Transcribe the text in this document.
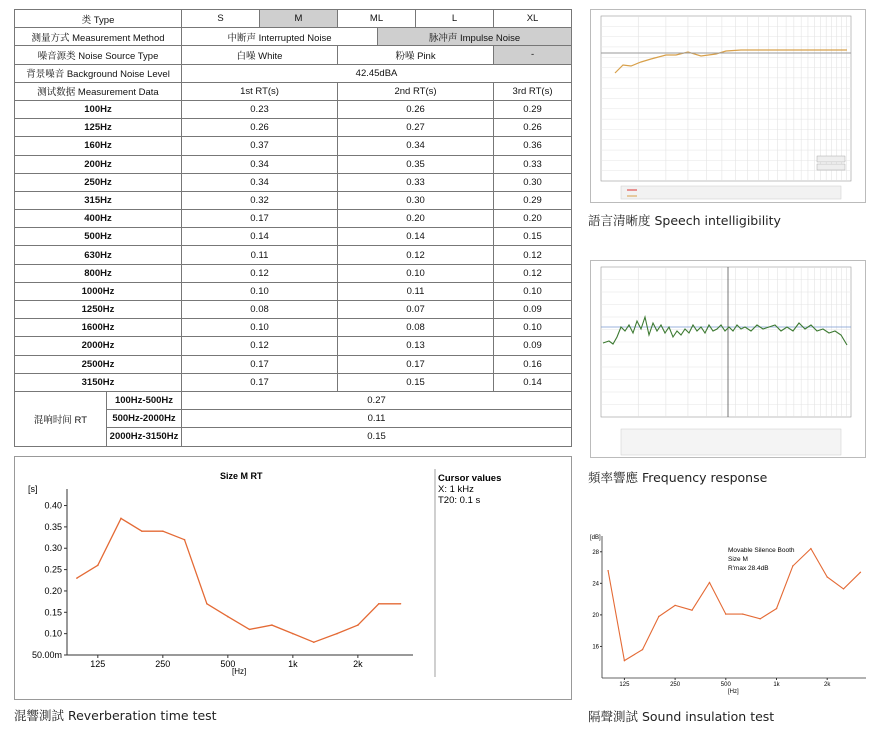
类 Type		S	M	ML		L	XL
测量方式 Measurement Method		中断声 Interrupted Noise			脉冲声 Impulse Noise		
噪音源类 Noise Source Type		白噪 White		粉噪 Pink			-
背景噪音 Background Noise Level		42.45dBA					
测试数据 Measurement Data		1st RT(s)		2nd RT(s)			3rd RT(s)
100Hz		0.23		0.26			0.29
125Hz		0.26		0.27			0.26
160Hz		0.37		0.34			0.36
200Hz		0.34		0.35			0.33
250Hz		0.34		0.33			0.30
315Hz		0.32		0.30			0.29
400Hz		0.17		0.20			0.20
500Hz		0.14		0.14			0.15
630Hz		0.11		0.12			0.12
800Hz		0.12		0.10			0.12
1000Hz		0.10		0.11			0.10
1250Hz		0.08		0.07			0.09
1600Hz		0.10		0.08			0.10
2000Hz		0.12		0.13			0.09
2500Hz		0.17		0.17			0.16
3150Hz		0.17		0.15			0.14
混响时间 RT	100Hz-500Hz	0.27					
	500Hz-2000Hz	0.11					
	2000Hz-3150Hz	0.15					
Size M RT
[s]
[Hz]
Cursor values
X: 1 kHz
T20: 0.1 s
0.40
0.35
0.30
0.25
0.20
0.15
0.10
50.00m
125	250	500	1k	2k
混響測試 Reverberation time test
語言清晰度 Speech intelligibility
頻率響應 Frequency response
[dB]
[Hz]
Movable Silence Booth
Size M
R'max 28.4dB
28
24
20
16
125	250	500	1k	2k
隔聲測試 Sound insulation test
